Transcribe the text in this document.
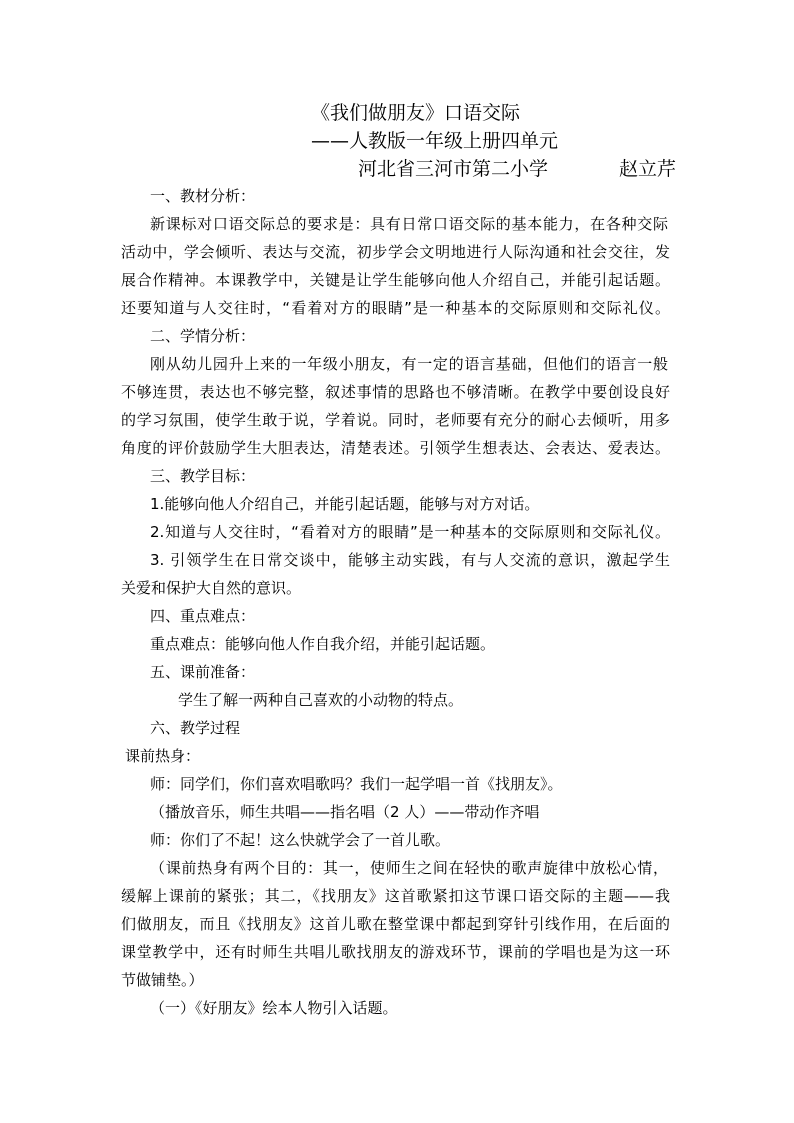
《我们做朋友》口语交际
——人教版一年级上册四单元
河北省三河市第二小学	赵立芹
一、教材分析：
新课标对口语交际总的要求是：具有日常口语交际的基本能力，在各种交际
活动中，学会倾听、表达与交流，初步学会文明地进行人际沟通和社会交往，发
展合作精神。本课教学中，关键是让学生能够向他人介绍自己，并能引起话题。
还要知道与人交往时，“看着对方的眼睛”是一种基本的交际原则和交际礼仪。
二、学情分析：
刚从幼儿园升上来的一年级小朋友，有一定的语言基础，但他们的语言一般
不够连贯，表达也不够完整，叙述事情的思路也不够清晰。在教学中要创设良好
的学习氛围，使学生敢于说，学着说。同时，老师要有充分的耐心去倾听，用多
角度的评价鼓励学生大胆表达，清楚表述。引领学生想表达、会表达、爱表达。
三、教学目标：
1.能够向他人介绍自己，并能引起话题，能够与对方对话。
2.知道与人交往时，“看着对方的眼睛”是一种基本的交际原则和交际礼仪。
3. 引领学生在日常交谈中，能够主动实践，有与人交流的意识，激起学生
关爱和保护大自然的意识。
四、重点难点：
重点难点：能够向他人作自我介绍，并能引起话题。
五、课前准备：
学生了解一两种自己喜欢的小动物的特点。
六、教学过程
课前热身：
师：同学们，你们喜欢唱歌吗？我们一起学唱一首《找朋友》。
（播放音乐，师生共唱——指名唱（2 人）——带动作齐唱
师：你们了不起！这么快就学会了一首儿歌。
（课前热身有两个目的：其一，使师生之间在轻快的歌声旋律中放松心情，
缓解上课前的紧张；其二，《找朋友》这首歌紧扣这节课口语交际的主题——我
们做朋友，而且《找朋友》这首儿歌在整堂课中都起到穿针引线作用，在后面的
课堂教学中，还有时师生共唱儿歌找朋友的游戏环节，课前的学唱也是为这一环
节做铺垫。）
（一）《好朋友》绘本人物引入话题。
